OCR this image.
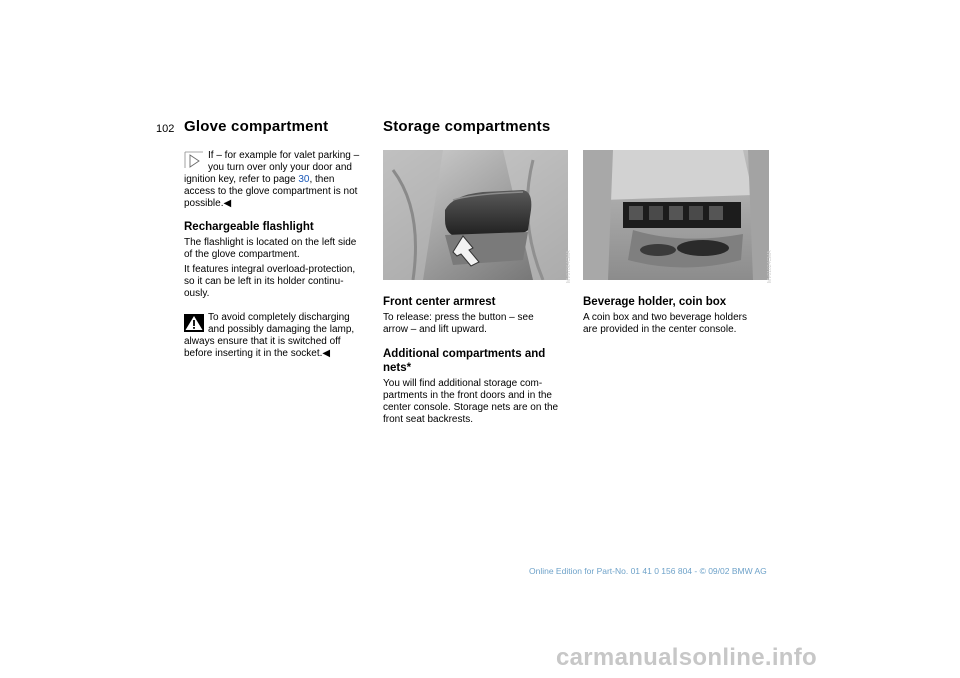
102 Glove compartment
If – for example for valet parking –
you turn over only your door and
ignition key, refer to page 30, then
access to the glove compartment is not
possible.◀
Rechargeable flashlight
The flashlight is located on the left side
of the glove compartment.
It features integral overload-protection,
so it can be left in its holder continu-
ously.
To avoid completely discharging
and possibly damaging the lamp,
always ensure that it is switched off
before inserting it in the socket.◀
Storage compartments
MV07064CMA	MV01024CMA
Front center armrest
To release: press the button – see
arrow – and lift upward.
Additional compartments and
nets*
You will find additional storage com-
partments in the front doors and in the
center console. Storage nets are on the
front seat backrests.
Beverage holder, coin box
A coin box and two beverage holders
are provided in the center console.
Online Edition for Part-No. 01 41 0 156 804 - © 09/02 BMW AG
carmanualsonline.info
